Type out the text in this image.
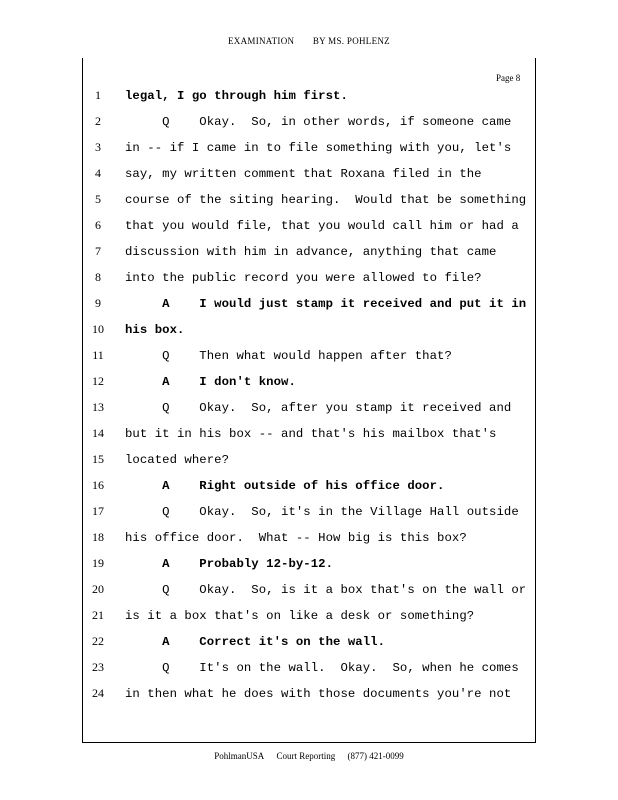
EXAMINATION BY MS. POHLENZ
Page 8
1	legal, I go through him first.
2	Q    Okay.  So, in other words, if someone came
3	in -- if I came in to file something with you, let's
4	say, my written comment that Roxana filed in the
5	course of the siting hearing.  Would that be something
6	that you would file, that you would call him or had a
7	discussion with him in advance, anything that came
8	into the public record you were allowed to file?
9	A    I would just stamp it received and put it in
10	his box.
11	Q    Then what would happen after that?
12	A    I don't know.
13	Q    Okay.  So, after you stamp it received and
14	but it in his box -- and that's his mailbox that's
15	located where?
16	A    Right outside of his office door.
17	Q    Okay.  So, it's in the Village Hall outside
18	his office door.  What -- How big is this box?
19	A    Probably 12-by-12.
20	Q    Okay.  So, is it a box that's on the wall or
21	is it a box that's on like a desk or something?
22	A    Correct it's on the wall.
23	Q    It's on the wall.  Okay.  So, when he comes
24	in then what he does with those documents you're not
PohlmanUSA Court Reporting (877) 421-0099
